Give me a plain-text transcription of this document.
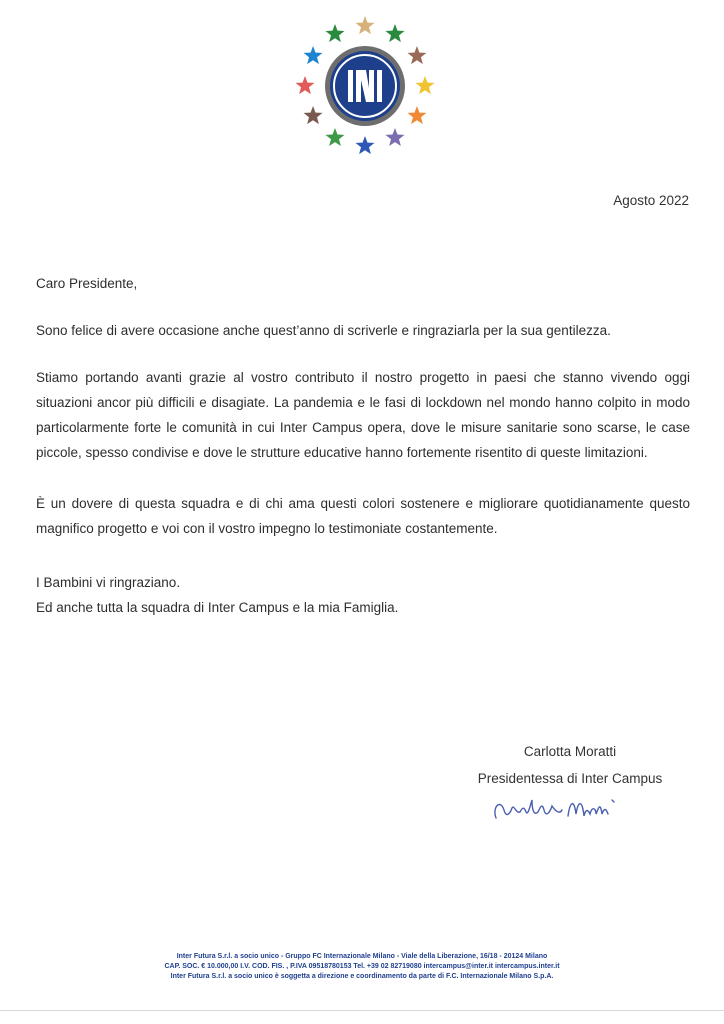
Agosto 2022
Caro Presidente,

Sono felice di avere occasione anche quest’anno di scriverle e ringraziarla per la sua gentilezza.

Stiamo portando avanti grazie al vostro contributo il nostro progetto in paesi che stanno vivendo oggi situazioni ancor più difficili e disagiate. La pandemia e le fasi di lockdown nel mondo hanno colpito in modo particolarmente forte le comunità in cui Inter Campus opera, dove le misure sanitarie sono scarse, le case piccole, spesso condivise e dove le strutture educative hanno fortemente risentito di queste limitazioni.

È un dovere di questa squadra e di chi ama questi colori sostenere e migliorare quotidianamente questo magnifico progetto e voi con il vostro impegno lo testimoniate costantemente.

I Bambini vi ringraziano.

Ed anche tutta la squadra di Inter Campus e la mia Famiglia.

Carlotta Moratti
Presidentessa di Inter Campus
Inter Futura S.r.l. a socio unico - Gruppo FC Internazionale Milano - Viale della Liberazione, 16/18 - 20124 Milano
CAP. SOC. € 10.000,00 I.V. COD. FIS. , P.IVA 09518780153 Tel. +39 02 82719080 intercampus@inter.it intercampus.inter.it
Inter Futura S.r.l. a socio unico è soggetta a direzione e coordinamento da parte di F.C. Internazionale Milano S.p.A.
